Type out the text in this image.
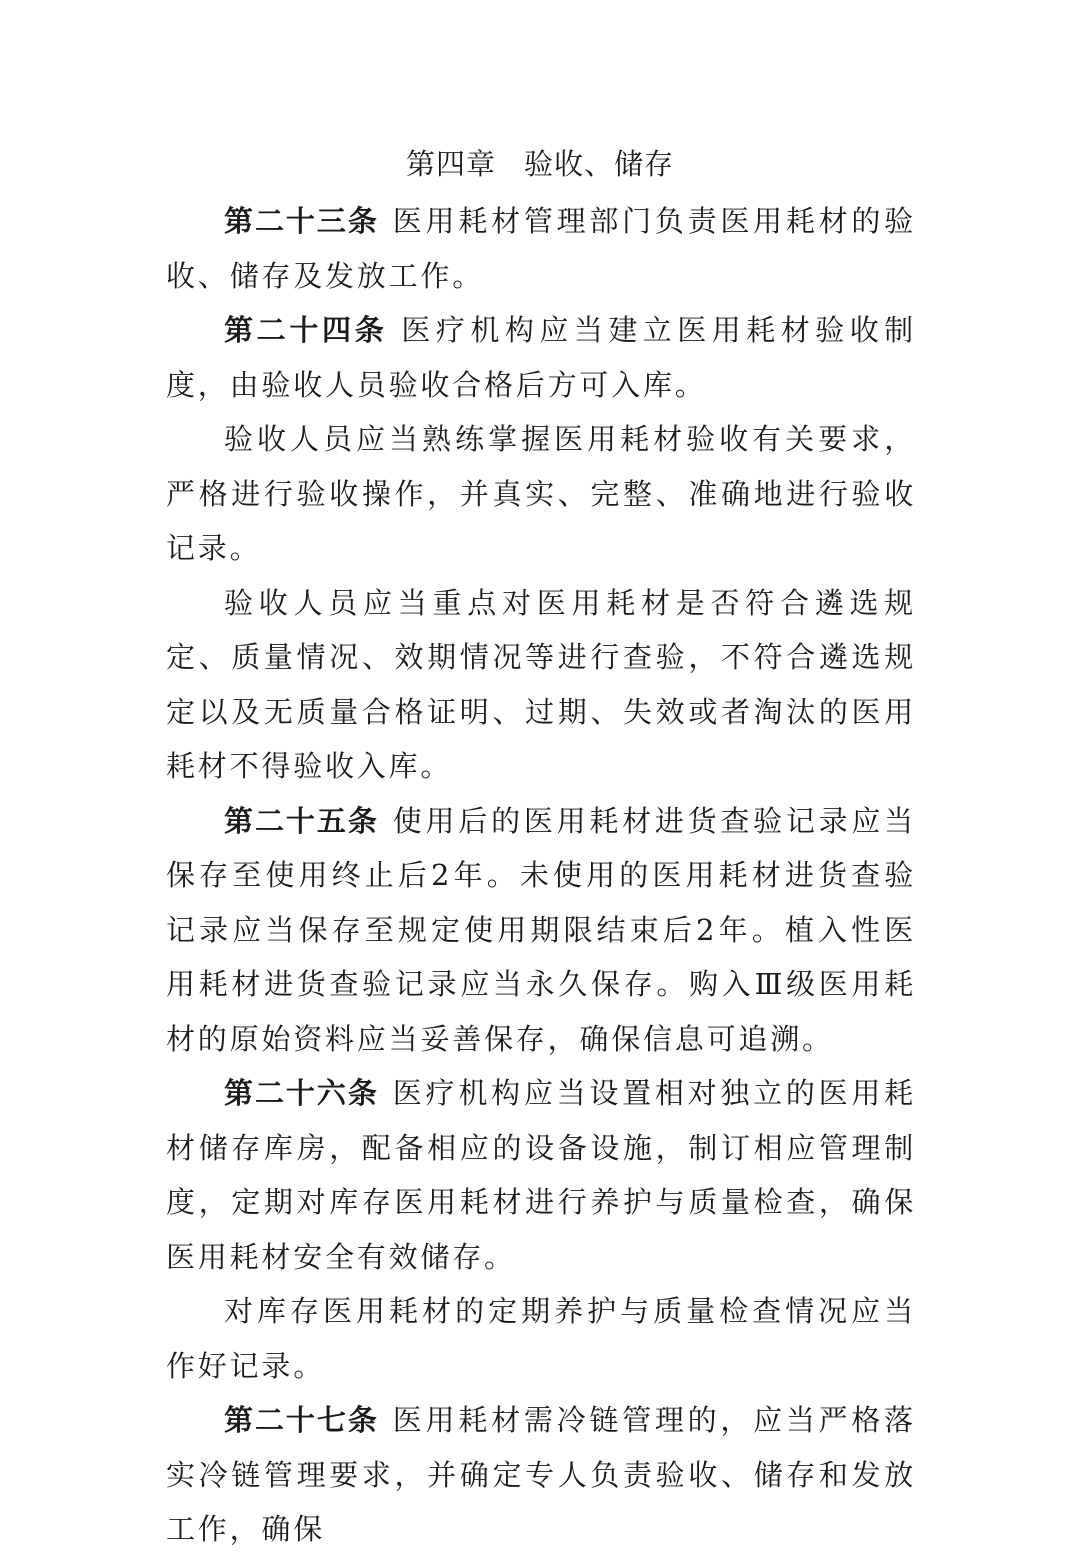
第四章 验收、储存

第二十三条 医用耗材管理部门负责医用耗材的验收、储存及发放工作。

第二十四条 医疗机构应当建立医用耗材验收制度，由验收人员验收合格后方可入库。

验收人员应当熟练掌握医用耗材验收有关要求，严格进行验收操作，并真实、完整、准确地进行验收记录。

验收人员应当重点对医用耗材是否符合遴选规定、质量情况、效期情况等进行查验，不符合遴选规定以及无质量合格证明、过期、失效或者淘汰的医用耗材不得验收入库。

第二十五条 使用后的医用耗材进货查验记录应当保存至使用终止后2年。未使用的医用耗材进货查验记录应当保存至规定使用期限结束后2年。植入性医用耗材进货查验记录应当永久保存。购入Ⅲ级医用耗材的原始资料应当妥善保存，确保信息可追溯。

第二十六条 医疗机构应当设置相对独立的医用耗材储存库房，配备相应的设备设施，制订相应管理制度，定期对库存医用耗材进行养护与质量检查，确保医用耗材安全有效储存。

对库存医用耗材的定期养护与质量检查情况应当作好记录。

第二十七条 医用耗材需冷链管理的，应当严格落实冷链管理要求，并确定专人负责验收、储存和发放工作，确保
